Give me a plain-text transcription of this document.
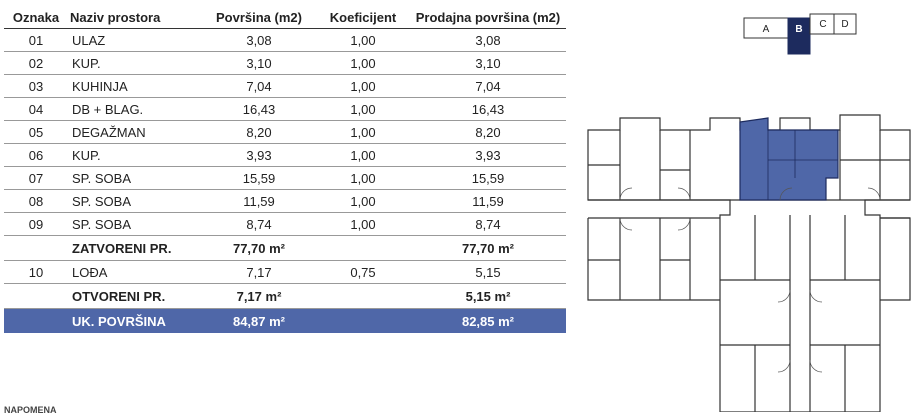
Oznaka	Naziv prostora	Površina (m2)	Koeficijent	Prodajna površina (m2)
01	ULAZ	3,08	1,00	3,08
02	KUP.	3,10	1,00	3,10
03	KUHINJA	7,04	1,00	7,04
04	DB + BLAG.	16,43	1,00	16,43
05	DEGAŽMAN	8,20	1,00	8,20
06	KUP.	3,93	1,00	3,93
07	SP. SOBA	15,59	1,00	15,59
08	SP. SOBA	11,59	1,00	11,59
09	SP. SOBA	8,74	1,00	8,74
	ZATVORENI PR.	77,70 m²		77,70 m²
10	LOĐA	7,17	0,75	5,15
	OTVORENI PR.	7,17 m²		5,15 m²
	UK. POVRŠINA	84,87 m²		82,85 m²
A	B C D
NAPOMENA
